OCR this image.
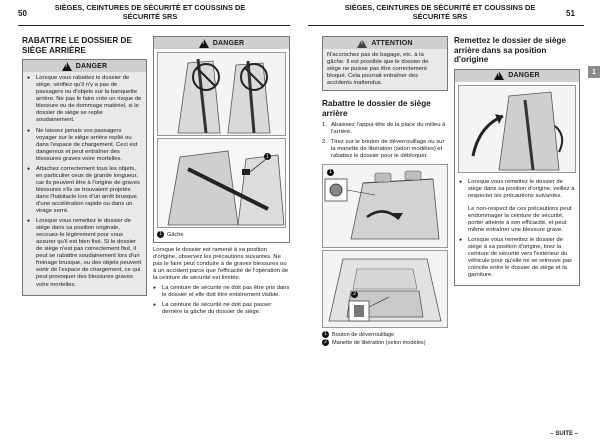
50
SIÈGES, CEINTURES DE SÉCURITÉ ET COUSSINS DE SÉCURITÉ SRS
RABATTRE LE DOSSIER DE SIÈGE ARRIÈRE
!
DANGER
● Lorsque vous rabattez le dossier de siège, vérifiez qu'il n'y a pas de passagers ou d'objets sur la banquette arrière. Ne pas le faire crée un risque de blessure ou de dommage matériel, si le dossier de siège se replie soudainement.
● Ne laissez jamais vos passagers voyager sur le siège arrière replié ou dans l'espace de chargement. Ceci est dangereux et peut entraîner des blessures graves voire mortelles.
● Attachez correctement tous les objets, en particulier ceux de grande longueur, car ils peuvent être à l'origine de graves blessures s'ils se trouvaient projetés dans l'habitacle lors d'un arrêt brusque, d'une accélération rapide ou dans un virage serré.
● Lorsque vous remettez le dossier de siège dans sa position originale, secouez-le légèrement pour vous assurer qu'il est bien fixé. Si le dossier de siège n'est pas correctement fixé, il peut se rabattre soudainement lors d'un freinage brusque, ou des objets peuvent sortir de l'espace de chargement, ce qui peut provoquer des blessures graves voire mortelles.
!
DANGER
1
1 Gâche
Lorsque le dossier est ramené à sa position d'origine, observez les précautions suivantes. Ne pas le faire peut conduire à de graves blessures ou à un accident parce que l'efficacité de l'opération de la ceinture de sécurité est limitée.
● La ceinture de sécurité ne doit pas être pris dans le dossier et elle doit être entièrement visible.
● La ceinture de sécurité ne doit pas passer derrière la gâche du dossier de siège.
SIÈGES, CEINTURES DE SÉCURITÉ ET COUSSINS DE SÉCURITÉ SRS	51
!
ATTENTION
N'accrochez pas de bagage, etc. à la gâche. Il est possible que le dossier de siège ne puisse pas être correctement bloqué. Cela pourrait entraîner des accidents inattendus.
Rabattre le dossier de siège arrière
1. Abaissez l'appui-tête de la place du milieu à l'arrière.
2. Tirez sur le bouton de déverrouillage ou sur la manette de libération (selon modèles) et rabattez le dossier pour le débloquer.
1
2
1 Bouton de déverrouillage
2 Manette de libération (selon modèles)
Remettez le dossier de siège arrière dans sa position d'origine
!
DANGER
● Lorsque vous remettez le dossier de siège dans sa position d'origine, veillez à respecter les précautions suivantes.
Le non-respect de ces précautions peut endommager la ceinture de sécurité, porter atteinte à son efficacité, et peut même entraîner une blessure grave.
● Lorsque vous remettez le dossier de siège à sa position d'origine, tirez la ceinture de sécurité vers l'extérieur du véhicule pour qu'elle ne se retrouve pas coincée entre le dossier de siège et la garniture.
1
– SUITE –
